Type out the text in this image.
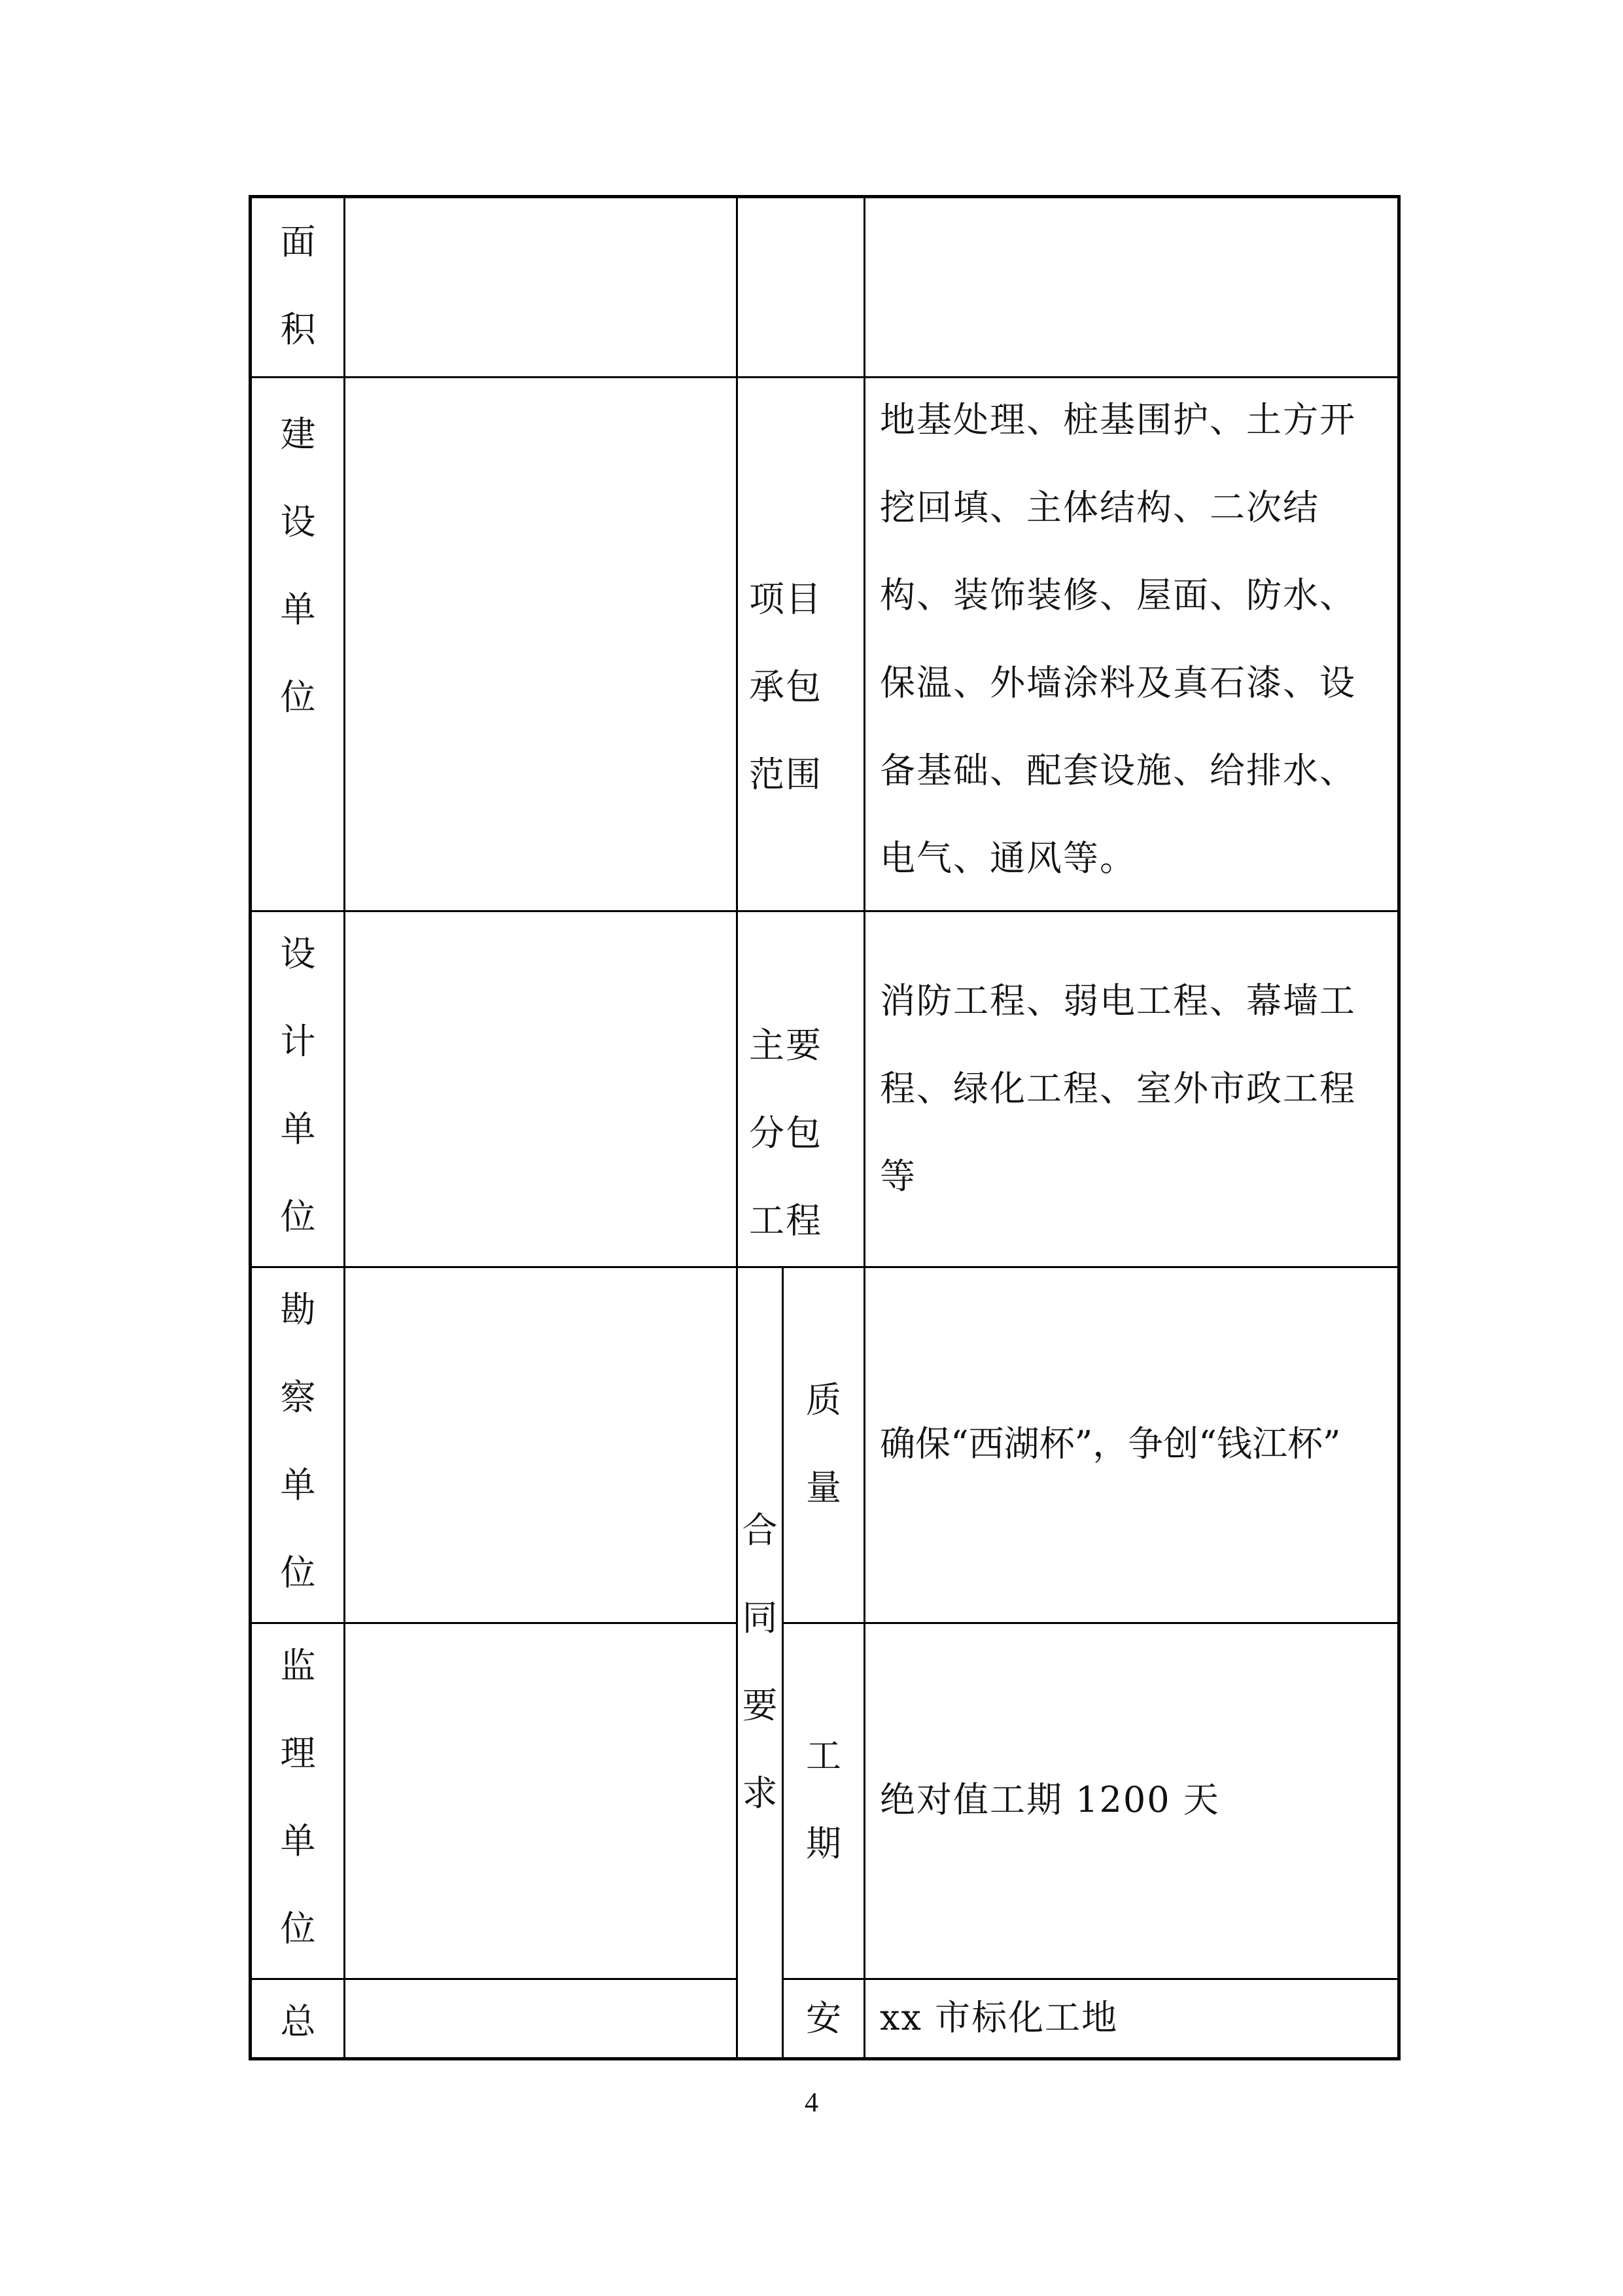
面
积
建
设
单
位
设
计
单
位
勘
察
单
位
监
理
单
位
总
项目承包范围
主要分包工程
合
同
要
求
质
量
工
期
安
地基处理、桩基围护、土方开挖回填、主体结构、二次结构、装饰装修、屋面、防水、保温、外墙涂料及真石漆、设备基础、配套设施、给排水、电气、通风等。
消防工程、弱电工程、幕墙工程、绿化工程、室外市政工程等
确保“西湖杯”，争创“钱江杯”
绝对值工期 1200 天
xx 市标化工地
4
